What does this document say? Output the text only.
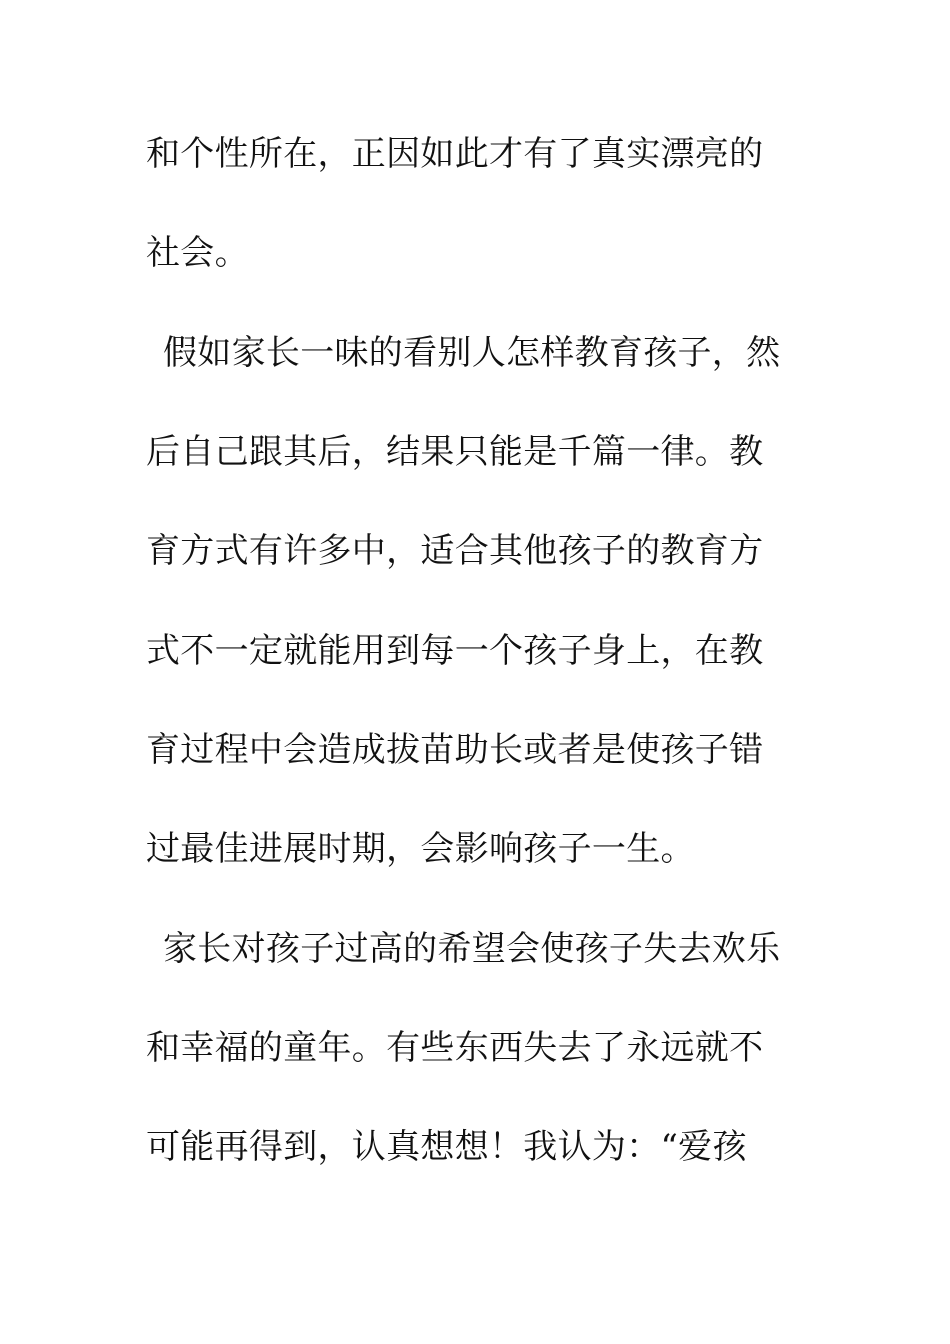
和个性所在，正因如此才有了真实漂亮的
社会。
假如家长一味的看别人怎样教育孩子，然
后自己跟其后，结果只能是千篇一律。教
育方式有许多中，适合其他孩子的教育方
式不一定就能用到每一个孩子身上，在教
育过程中会造成拔苗助长或者是使孩子错
过最佳进展时期，会影响孩子一生。
家长对孩子过高的希望会使孩子失去欢乐
和幸福的童年。有些东西失去了永远就不
可能再得到，认真想想！我认为：“爱孩
